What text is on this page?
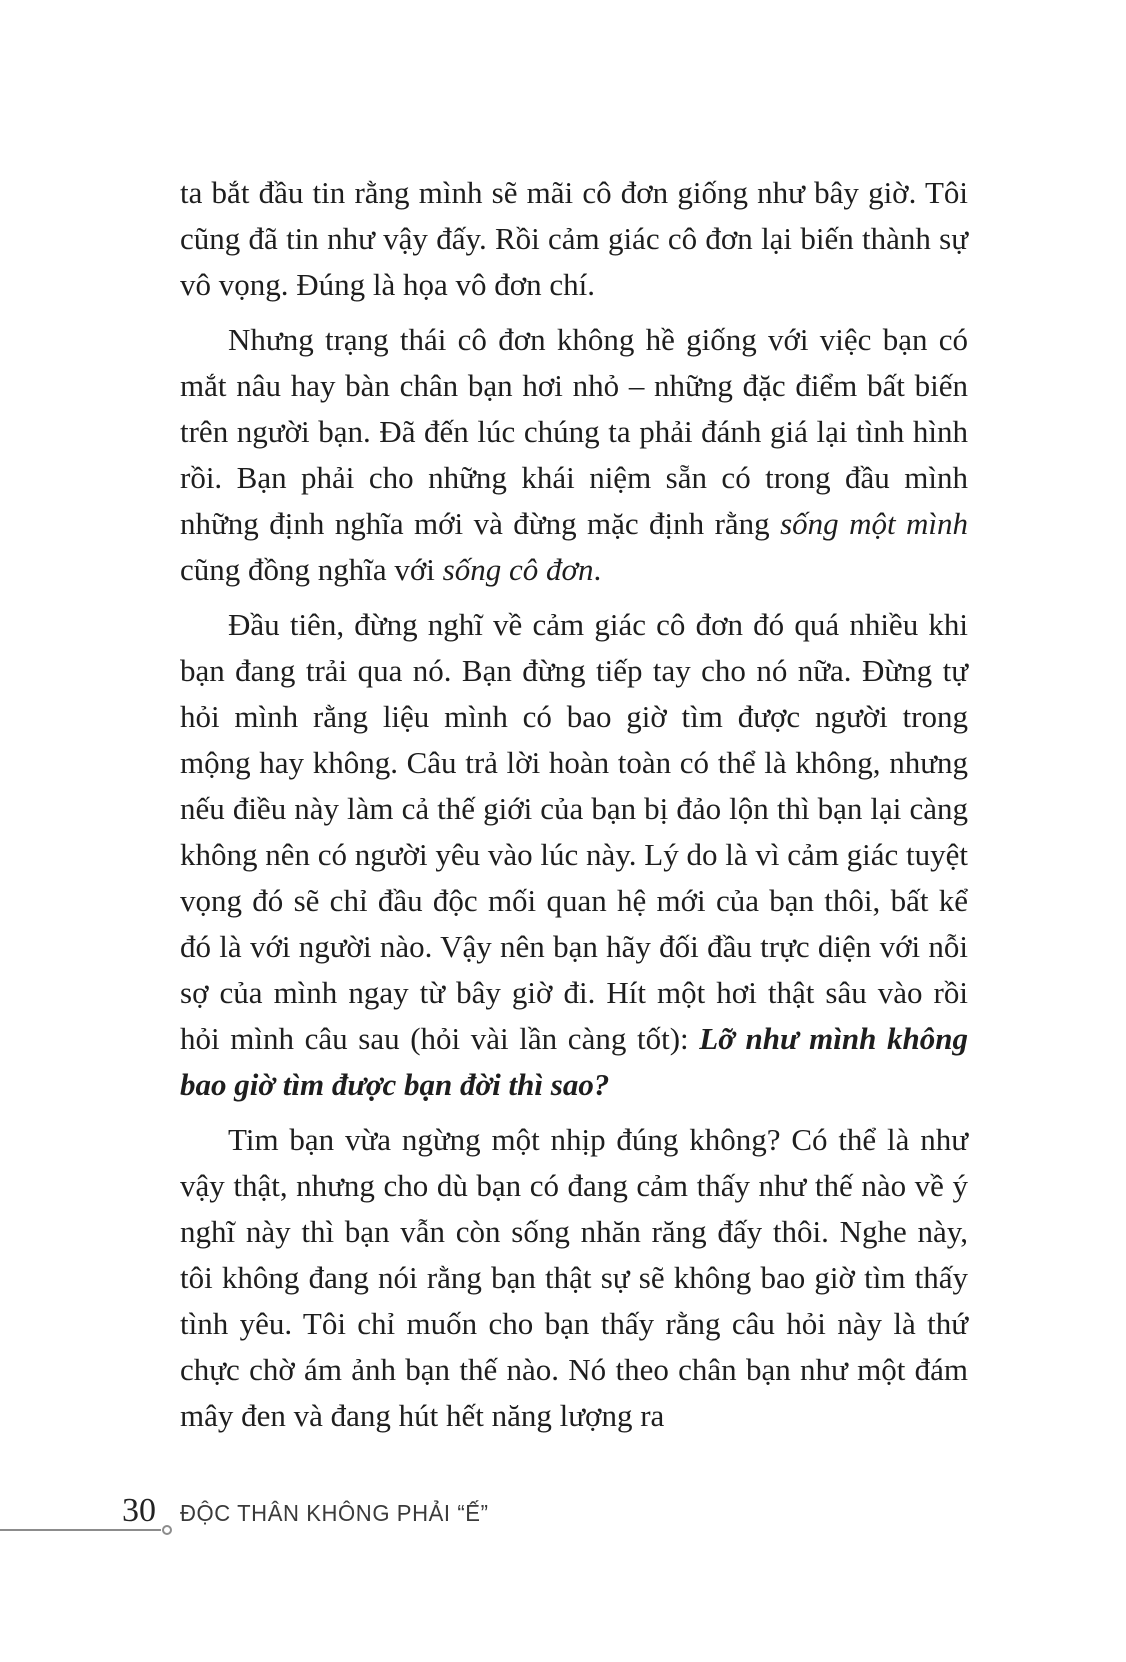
ta bắt đầu tin rằng mình sẽ mãi cô đơn giống như bây giờ. Tôi cũng đã tin như vậy đấy. Rồi cảm giác cô đơn lại biến thành sự vô vọng. Đúng là họa vô đơn chí.

Nhưng trạng thái cô đơn không hề giống với việc bạn có mắt nâu hay bàn chân bạn hơi nhỏ – những đặc điểm bất biến trên người bạn. Đã đến lúc chúng ta phải đánh giá lại tình hình rồi. Bạn phải cho những khái niệm sẵn có trong đầu mình những định nghĩa mới và đừng mặc định rằng sống một mình cũng đồng nghĩa với sống cô đơn.

Đầu tiên, đừng nghĩ về cảm giác cô đơn đó quá nhiều khi bạn đang trải qua nó. Bạn đừng tiếp tay cho nó nữa. Đừng tự hỏi mình rằng liệu mình có bao giờ tìm được người trong mộng hay không. Câu trả lời hoàn toàn có thể là không, nhưng nếu điều này làm cả thế giới của bạn bị đảo lộn thì bạn lại càng không nên có người yêu vào lúc này. Lý do là vì cảm giác tuyệt vọng đó sẽ chỉ đầu độc mối quan hệ mới của bạn thôi, bất kể đó là với người nào. Vậy nên bạn hãy đối đầu trực diện với nỗi sợ của mình ngay từ bây giờ đi. Hít một hơi thật sâu vào rồi hỏi mình câu sau (hỏi vài lần càng tốt): Lỡ như mình không bao giờ tìm được bạn đời thì sao?

Tim bạn vừa ngừng một nhịp đúng không? Có thể là như vậy thật, nhưng cho dù bạn có đang cảm thấy như thế nào về ý nghĩ này thì bạn vẫn còn sống nhăn răng đấy thôi. Nghe này, tôi không đang nói rằng bạn thật sự sẽ không bao giờ tìm thấy tình yêu. Tôi chỉ muốn cho bạn thấy rằng câu hỏi này là thứ chực chờ ám ảnh bạn thế nào. Nó theo chân bạn như một đám mây đen và đang hút hết năng lượng ra

30 ĐỘC THÂN KHÔNG PHẢI “Ế”
